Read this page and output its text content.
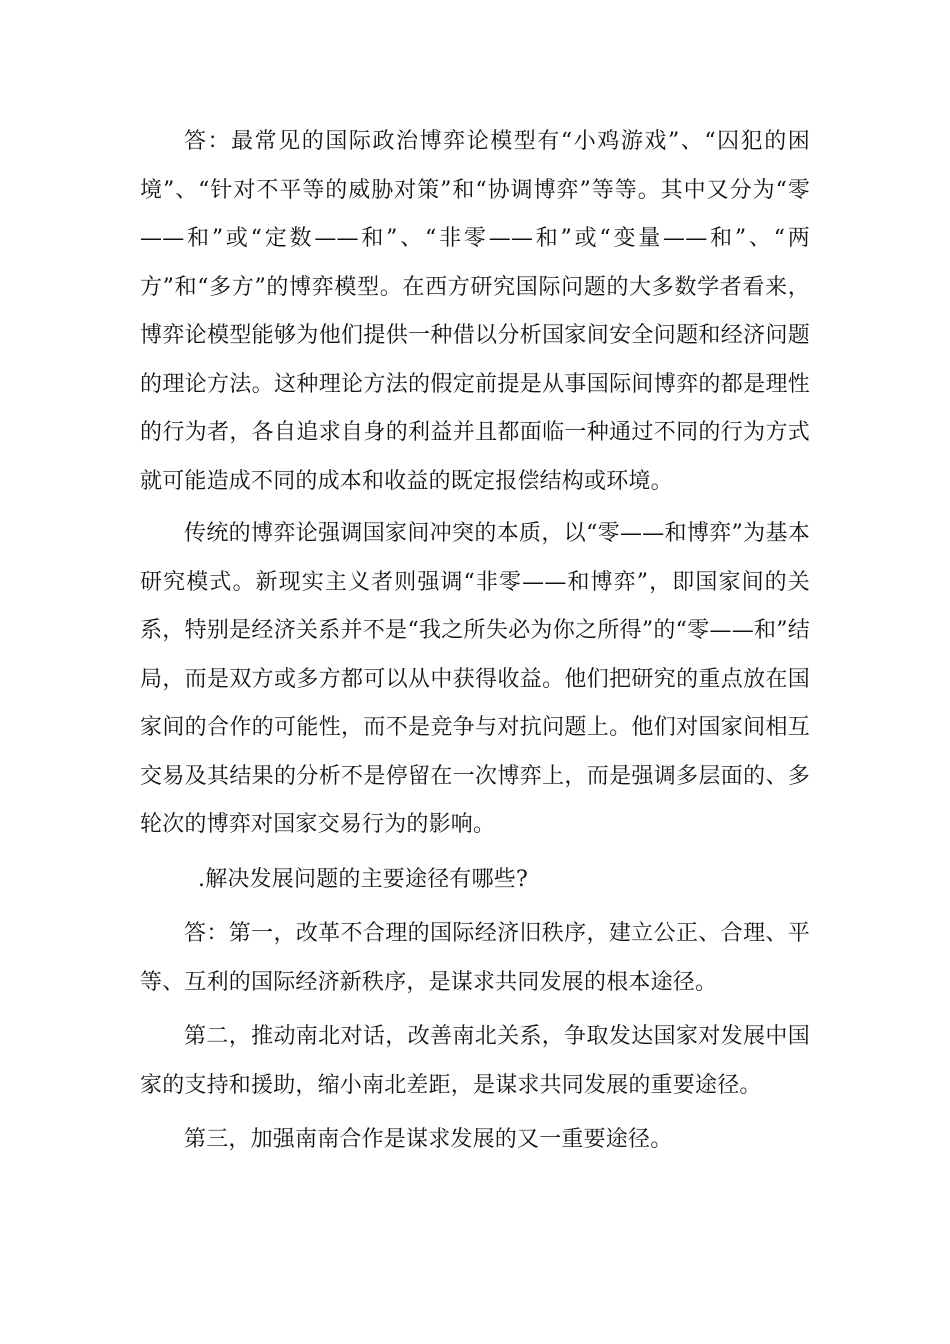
答：最常见的国际政治博弈论模型有“小鸡游戏”、“囚犯的困境”、“针对不平等的威胁对策”和“协调博弈”等等。其中又分为“零——和”或“定数——和”、“非零——和”或“变量——和”、“两方”和“多方”的博弈模型。在西方研究国际问题的大多数学者看来，博弈论模型能够为他们提供一种借以分析国家间安全问题和经济问题的理论方法。这种理论方法的假定前提是从事国际间博弈的都是理性的行为者，各自追求自身的利益并且都面临一种通过不同的行为方式就可能造成不同的成本和收益的既定报偿结构或环境。

传统的博弈论强调国家间冲突的本质，以“零——和博弈”为基本研究模式。新现实主义者则强调“非零——和博弈”，即国家间的关系，特别是经济关系并不是“我之所失必为你之所得”的“零——和”结局，而是双方或多方都可以从中获得收益。他们把研究的重点放在国家间的合作的可能性，而不是竞争与对抗问题上。他们对国家间相互交易及其结果的分析不是停留在一次博弈上，而是强调多层面的、多轮次的博弈对国家交易行为的影响。

.解决发展问题的主要途径有哪些?

答：第一，改革不合理的国际经济旧秩序，建立公正、合理、平等、互利的国际经济新秩序，是谋求共同发展的根本途径。

第二，推动南北对话，改善南北关系，争取发达国家对发展中国家的支持和援助，缩小南北差距，是谋求共同发展的重要途径。

第三，加强南南合作是谋求发展的又一重要途径。
